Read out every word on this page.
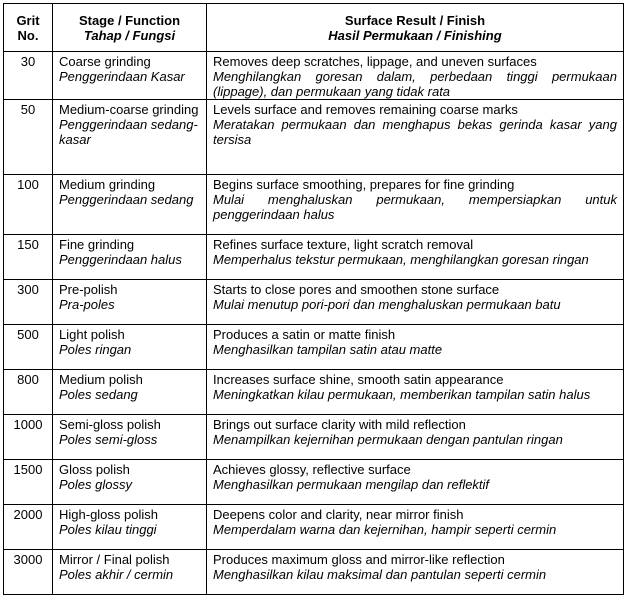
Grit
No.	Stage / Function
Tahap / Fungsi	Surface Result / Finish
Hasil Permukaan / Finishing

30	Coarse grinding
Penggerindaan Kasar	Removes deep scratches, lippage, and uneven surfaces
Menghilangkan goresan dalam, perbedaan tinggi permukaan (lippage), dan permukaan yang tidak rata

50	Medium-coarse grinding
Penggerindaan sedang-kasar	Levels surface and removes remaining coarse marks
Meratakan permukaan dan menghapus bekas gerinda kasar yang tersisa

100	Medium grinding
Penggerindaan sedang	Begins surface smoothing, prepares for fine grinding
Mulai menghaluskan permukaan, mempersiapkan untuk penggerindaan halus

150	Fine grinding
Penggerindaan halus	Refines surface texture, light scratch removal
Memperhalus tekstur permukaan, menghilangkan goresan ringan

300	Pre-polish
Pra-poles	Starts to close pores and smoothen stone surface
Mulai menutup pori-pori dan menghaluskan permukaan batu

500	Light polish
Poles ringan	Produces a satin or matte finish
Menghasilkan tampilan satin atau matte

800	Medium polish
Poles sedang	Increases surface shine, smooth satin appearance
Meningkatkan kilau permukaan, memberikan tampilan satin halus

1000	Semi-gloss polish
Poles semi-gloss	Brings out surface clarity with mild reflection
Menampilkan kejernihan permukaan dengan pantulan ringan

1500	Gloss polish
Poles glossy	Achieves glossy, reflective surface
Menghasilkan permukaan mengilap dan reflektif

2000	High-gloss polish
Poles kilau tinggi	Deepens color and clarity, near mirror finish
Memperdalam warna dan kejernihan, hampir seperti cermin

3000	Mirror / Final polish
Poles akhir / cermin	Produces maximum gloss and mirror-like reflection
Menghasilkan kilau maksimal dan pantulan seperti cermin
